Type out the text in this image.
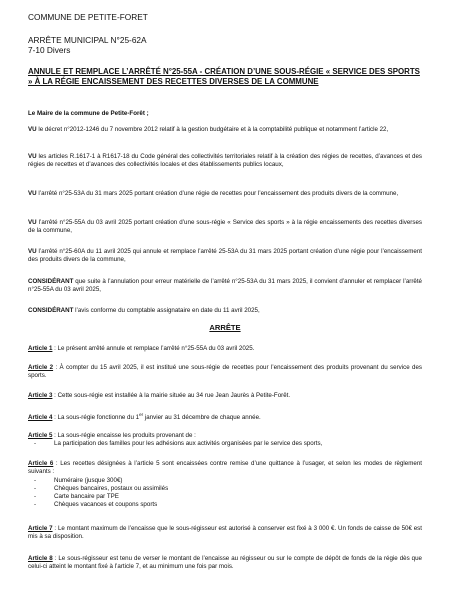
COMMUNE DE PETITE-FORET
ARRÊTE MUNICIPAL N°25-62A
7-10 Divers
ANNULE ET REMPLACE L’ARRÊTÉ N°25-55A - CRÉATION D’UNE SOUS-RÉGIE « SERVICE DES SPORTS » À LA RÉGIE ENCAISSEMENT DES RECETTES DIVERSES DE LA COMMUNE
Le Maire de la commune de Petite-Forêt ;
VU le décret n°2012-1246 du 7 novembre 2012 relatif à la gestion budgétaire et à la comptabilité publique et notamment l’article 22,
VU les articles R.1617-1 à R1617-18 du Code général des collectivités territoriales relatif à la création des régies de recettes, d’avances et des régies de recettes et d’avances des collectivités locales et des établissements publics locaux,
VU l’arrêté n°25-53A du 31 mars 2025 portant création d’une régie de recettes pour l’encaissement des produits divers de la commune,
VU l’arrêté n°25-55A du 03 avril 2025 portant création d’une sous-régie « Service des sports » à la régie encaissements des recettes diverses de la commune,
VU l’arrêté n°25-60A du 11 avril 2025 qui annule et remplace l’arrêté 25-53A du 31 mars 2025 portant création d’une régie pour l’encaissement des produits divers de la commune,
CONSIDÉRANT que suite à l’annulation pour erreur matérielle de l’arrêté n°25-53A du 31 mars 2025, il convient d’annuler et remplacer l’arrêté n°25-55A du 03 avril 2025,
CONSIDÉRANT l’avis conforme du comptable assignataire en date du 11 avril 2025,
ARRÊTE
Article 1 : Le présent arrêté annule et remplace l’arrêté n°25-55A du 03 avril 2025.
Article 2 : À compter du 15 avril 2025, il est institué une sous-régie de recettes pour l’encaissement des produits provenant du service des sports.
Article 3 : Cette sous-régie est installée à la mairie située au 34 rue Jean Jaurès à Petite-Forêt.
Article 4 : La sous-régie fonctionne du 1er janvier au 31 décembre de chaque année.
Article 5 : La sous-régie encaisse les produits provenant de :
- La participation des familles pour les adhésions aux activités organisées par le service des sports,
Article 6 : Les recettes désignées à l’article 5 sont encaissées contre remise d’une quittance à l’usager, et selon les modes de règlement suivants :
- Numéraire (jusque 300€)
- Chèques bancaires, postaux ou assimilés
- Carte bancaire par TPE
- Chèques vacances et coupons sports
Article 7 : Le montant maximum de l’encaisse que le sous-régisseur est autorisé à conserver est fixé à 3 000 €. Un fonds de caisse de 50€ est mis à sa disposition.
Article 8 : Le sous-régisseur est tenu de verser le montant de l’encaisse au régisseur ou sur le compte de dépôt de fonds de la régie dès que celui-ci atteint le montant fixé à l’article 7, et au minimum une fois par mois.
